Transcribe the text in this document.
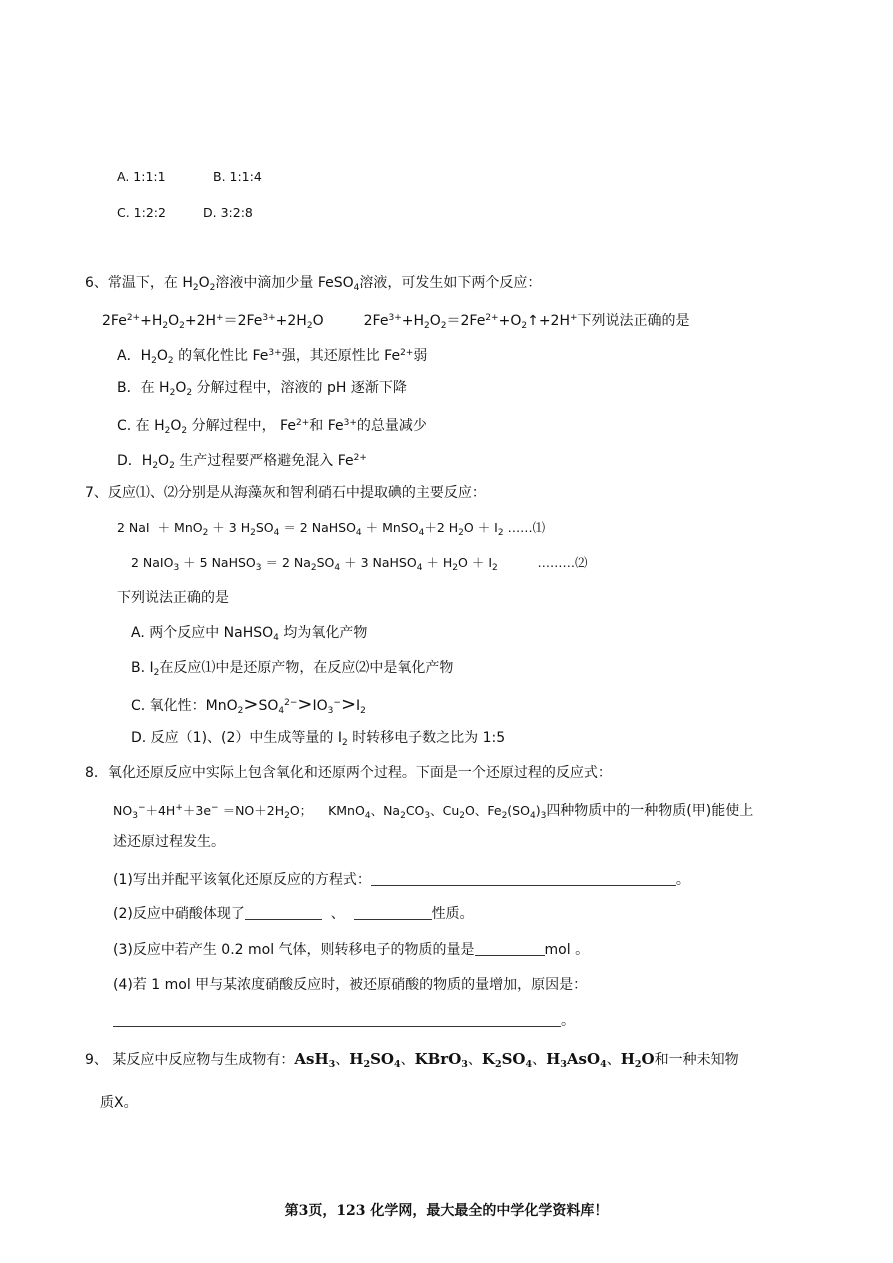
A. 1:1:1	B. 1:1:4
C. 1:2:2	D. 3:2:8
6、常温下，在 $H_2O_2$溶液中滴加少量 FeSO$_4$溶液，可发生如下两个反应：
$2Fe^{2+}+H_2O_2+2H^+=2Fe^{3+}+2H_2O$         $2Fe^{3+}+H_2O_2=2Fe^{2+}+O_2↑+2H^+$下列说法正确的是
A．$H_2O_2$ 的氧化性比 $Fe^{3+}$强，其还原性比 $Fe^{2+}$弱
B．在 $H_2O_2$ 分解过程中，溶液的 pH 逐渐下降
C. 在 $H_2O_2$ 分解过程中， $Fe^{2+}$和 $Fe^{3+}$的总量减少
D．$H_2O_2$ 生产过程要严格避免混入 $Fe^{2+}$
7、反应⑴、⑵分别是从海藻灰和智利硝石中提取碘的主要反应：
2 NaI  ＋ MnO$_2$ ＋ 3 $H_2SO_4 = 2$ NaHSO$_4$ ＋ MnSO$_4$＋2 $H_2O + I_2$ ……⑴
2 NaIO$_3$ ＋ 5 NaHSO$_3$ ＝ 2 $Na_2SO_4 + 3$ NaHSO$_4$ ＋ $H_2O + I_2$	………⑵
下列说法正确的是
A. 两个反应中 NaHSO$_4$ 均为氧化产物
B. $I_2$在反应⑴中是还原产物，在反应⑵中是氧化产物
C. 氧化性：$MnO_2>SO_4^{2-}>IO_3^->I_2$
D. 反应（1)、(2）中生成等量的 $I_2$ 时转移电子数之比为 1:5
8．氧化还原反应中实际上包含氧化和还原两个过程。下面是一个还原过程的反应式：
$NO_3^-+4H^++3e^- =NO+2H_2O$；    KMnO$_4$、$Na_2CO_3$、$Cu_2O$、$Fe_2(SO_4)_3$四种物质中的一种物质(甲)能使上
述还原过程发生。
(1)写出并配平该氧化还原反应的方程式：	。
(2)反应中硝酸体现了	、	性质。
(3)反应中若产生 0.2 mol 气体，则转移电子的物质的量是	mol 。
(4)若 1 mol 甲与某浓度硝酸反应时，被还原硝酸的物质的量增加，原因是：
。
9、 某反应中反应物与生成物有：AsH$_3$、$H_2SO_4$、KBrO$_3$、$K_2SO_4$、$H_3AsO_4$、$H_2O$和一种未知物
质X。
第3页，123 化学网，最大最全的中学化学资料库！
